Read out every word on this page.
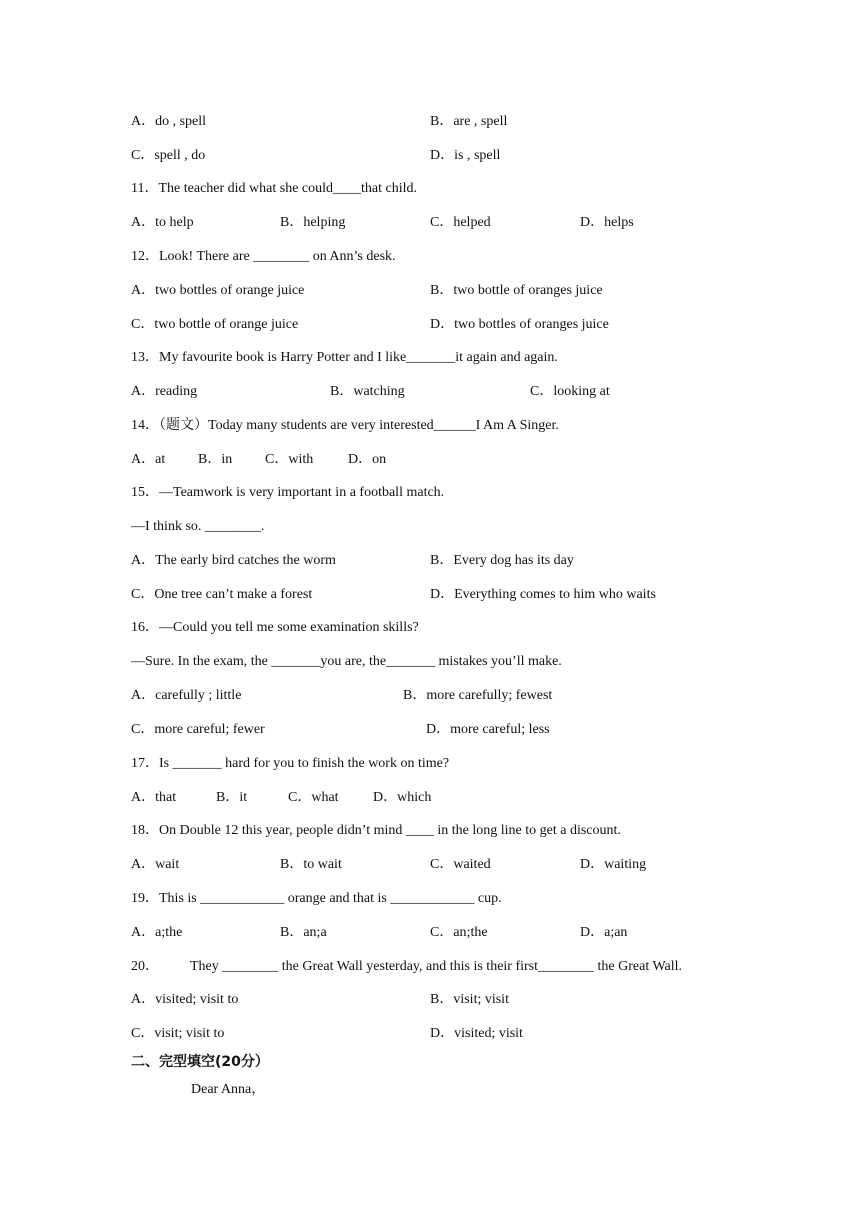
A．do , spell	B．are , spell
C．spell , do	D．is , spell
11．The teacher did what she could____that child.
A．to help	B．helping	C．helped	D．helps
12．Look! There are ________ on Ann’s desk.
A．two bottles of orange juice	B．two bottle of oranges juice
C．two bottle of orange juice	D．two bottles of oranges juice
13．My favourite book is Harry Potter and I like_______it again and again.
A．reading	B．watching	C．looking at
14．（题文）Today many students are very interested______I Am A Singer.
A．at B．in C．with D．on
15．—Teamwork is very important in a football match.
—I think so. ________.
A．The early bird catches the worm	B．Every dog has its day
C．One tree can’t make a forest	D．Everything comes to him who waits
16．—Could you tell me some examination skills?
—Sure. In the exam, the _______you are, the_______ mistakes you’ll make.
A．carefully ; little	B．more carefully; fewest
C．more careful; fewer	D．more careful; less
17．Is _______ hard for you to finish the work on time?
A．that	B．it	C．what D．which
18．On Double 12 this year, people didn’t mind ____ in the long line to get a discount.
A．wait	B．to wait	C．waited	D．waiting
19．This is ____________ orange and that is ____________ cup.
A．a;the	B．an;a	C．an;the	D．a;an
20． They ________ the Great Wall yesterday, and this is their first________ the Great Wall.
A．visited; visit to	B．visit; visit
C．visit; visit to	D．visited; visit
二、完型填空(20分）
Dear Anna，
